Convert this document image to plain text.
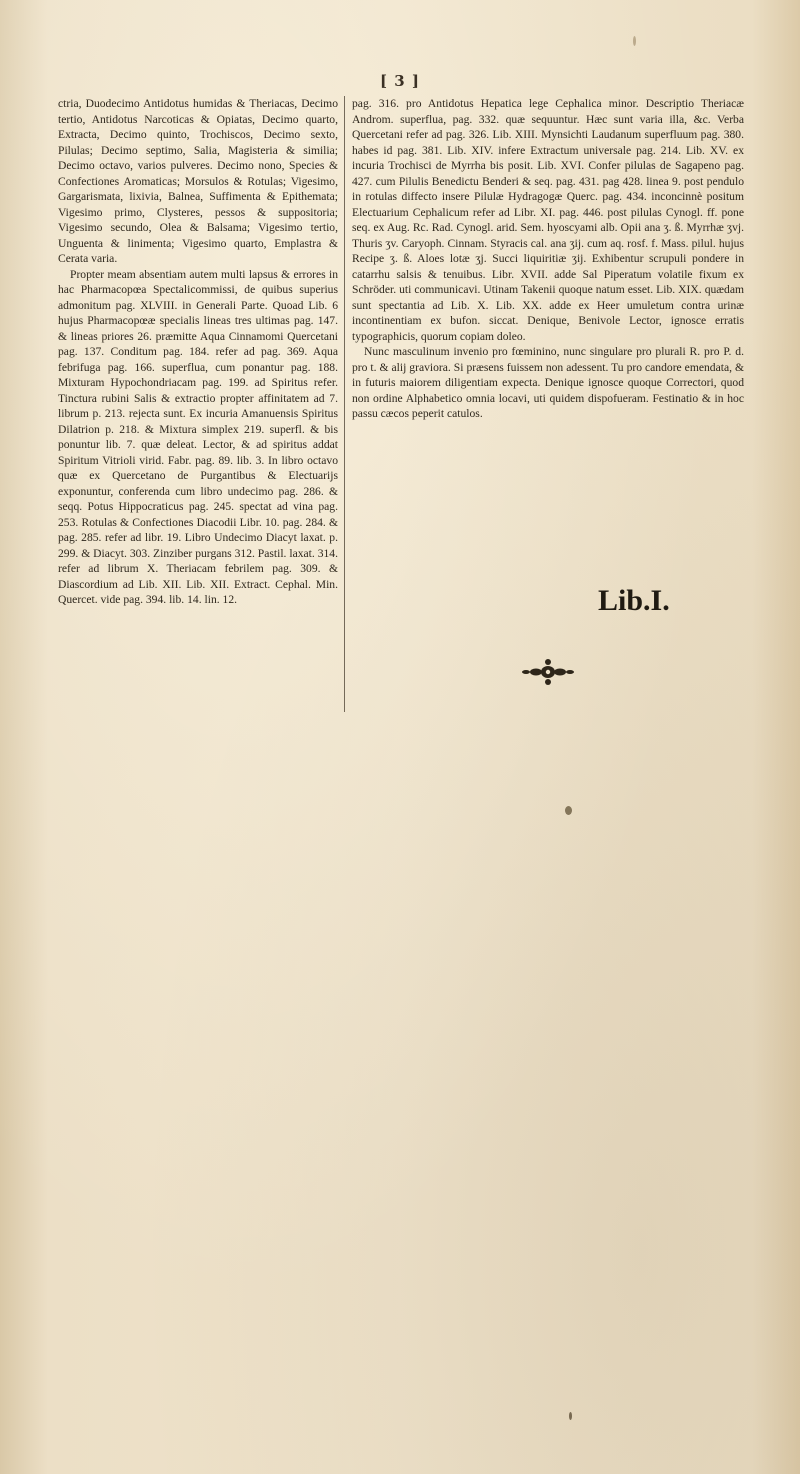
[ 3 ]

ctria, Duodecimo Antidotus humidas & Theriacas, Decimo tertio, Antidotus Narcoticas & Opiatas, Decimo quarto, Extracta, Decimo quinto, Trochiscos, Decimo sexto, Pilulas; Decimo septimo, Salia, Magisteria & similia; Decimo octavo, varios pulveres. Decimo nono, Species & Confectiones Aromaticas; Morsulos & Rotulas; Vigesimo, Gargarismata, lixivia, Balnea, Suffimenta & Epithemata; Vigesimo primo, Clysteres, pessos & suppositoria; Vigesimo secundo, Olea & Balsama; Vigesimo tertio, Unguenta & linimenta; Vigesimo quarto, Emplastra & Cerata varia.

Propter meam absentiam autem multi lapsus & errores in hac Pharmacopœa Spectalicommissi, de quibus superius admonitum pag. XLVIII. in Generali Parte. Quoad Lib. 6 hujus Pharmacopœæ specialis lineas tres ultimas pag. 147. & lineas priores 26. præmitte Aqua Cinnamomi Quercetani pag. 137. Conditum pag. 184. refer ad pag. 369. Aqua febrifuga pag. 166. superflua, cum ponantur pag. 188. Mixturam Hypochondriacam pag. 199. ad Spiritus refer. Tinctura rubini Salis & extractio propter affinitatem ad 7. librum p. 213. rejecta sunt. Ex incuria Amanuensis Spiritus Dilatrion p. 218. & Mixtura simplex 219. superfl. & bis ponuntur lib. 7. quæ deleat. Lector, & ad spiritus addat Spiritum Vitrioli virid. Fabr. pag. 89. lib. 3. In libro octavo quæ ex Quercetano de Purgantibus & Electuarijs exponuntur, conferenda cum libro undecimo pag. 286. & seqq. Potus Hippocraticus pag. 245. spectat ad vina pag. 253. Rotulas & Confectiones Diacodii Libr. 10. pag. 284. & pag. 285. refer ad libr. 19. Libro Undecimo Diacyt laxat. p. 299. & Diacyt. 303. Zinziber purgans 312. Pastil. laxat. 314. refer ad librum X. Theriacam febrilem pag. 309. & Diascordium ad Lib. XII. Lib. XII. Extract. Cephal. Min. Quercet. vide pag. 394. lib. 14. lin. 12.

pag. 316. pro Antidotus Hepatica lege Cephalica minor. Descriptio Theriacæ Androm. superflua, pag. 332. quæ sequuntur. Hæc sunt varia illa, &c. Verba Quercetani refer ad pag. 326. Lib. XIII. Mynsichti Laudanum superfluum pag. 380. habes id pag. 381. Lib. XIV. infere Extractum universale pag. 214. Lib. XV. ex incuria Trochisci de Myrrha bis posit. Lib. XVI. Confer pilulas de Sagapeno pag. 427. cum Pilulis Benedictu Benderi & seq. pag. 431. pag 428. linea 9. post pendulo in rotulas diffecto insere Pilulæ Hydragogæ Querc. pag. 434. inconcinnè positum Electuarium Cephalicum refer ad Libr. XI. pag. 446. post pilulas Cynogl. ff. pone seq. ex Aug. Rc. Rad. Cynogl. arid. Sem. hyoscyami alb. Opii ana ʒ. ß. Myrrhæ ʒvj. Thuris ʒv. Caryoph. Cinnam. Styracis cal. ana ʒij. cum aq. rosf. f. Mass. pilul. hujus Recipe ʒ. ß. Aloes lotæ ʒj. Succi liquiritiæ ʒij. Exhibentur scrupuli pondere in catarrhu salsis & tenuibus. Libr. XVII. adde Sal Piperatum volatile fixum ex Schröder. uti communicavi. Utinam Takenii quoque natum esset. Lib. XIX. quædam sunt spectantia ad Lib. X. Lib. XX. adde ex Heer umuletum contra urinæ incontinentiam ex bufon. siccat. Denique, Benivole Lector, ignosce erratis typographicis, quorum copiam doleo.

Nunc masculinum invenio pro fœminino, nunc singulare pro plurali R. pro P. d. pro t. & alij graviora. Si præsens fuissem non adessent. Tu pro candore emendata, & in futuris maiorem diligentiam expecta. Denique ignosce quoque Correctori, quod non ordine Alphabetico omnia locavi, uti quidem dispofueram. Festinatio & in hoc passu cæcos peperit catulos.

Lib.I.
